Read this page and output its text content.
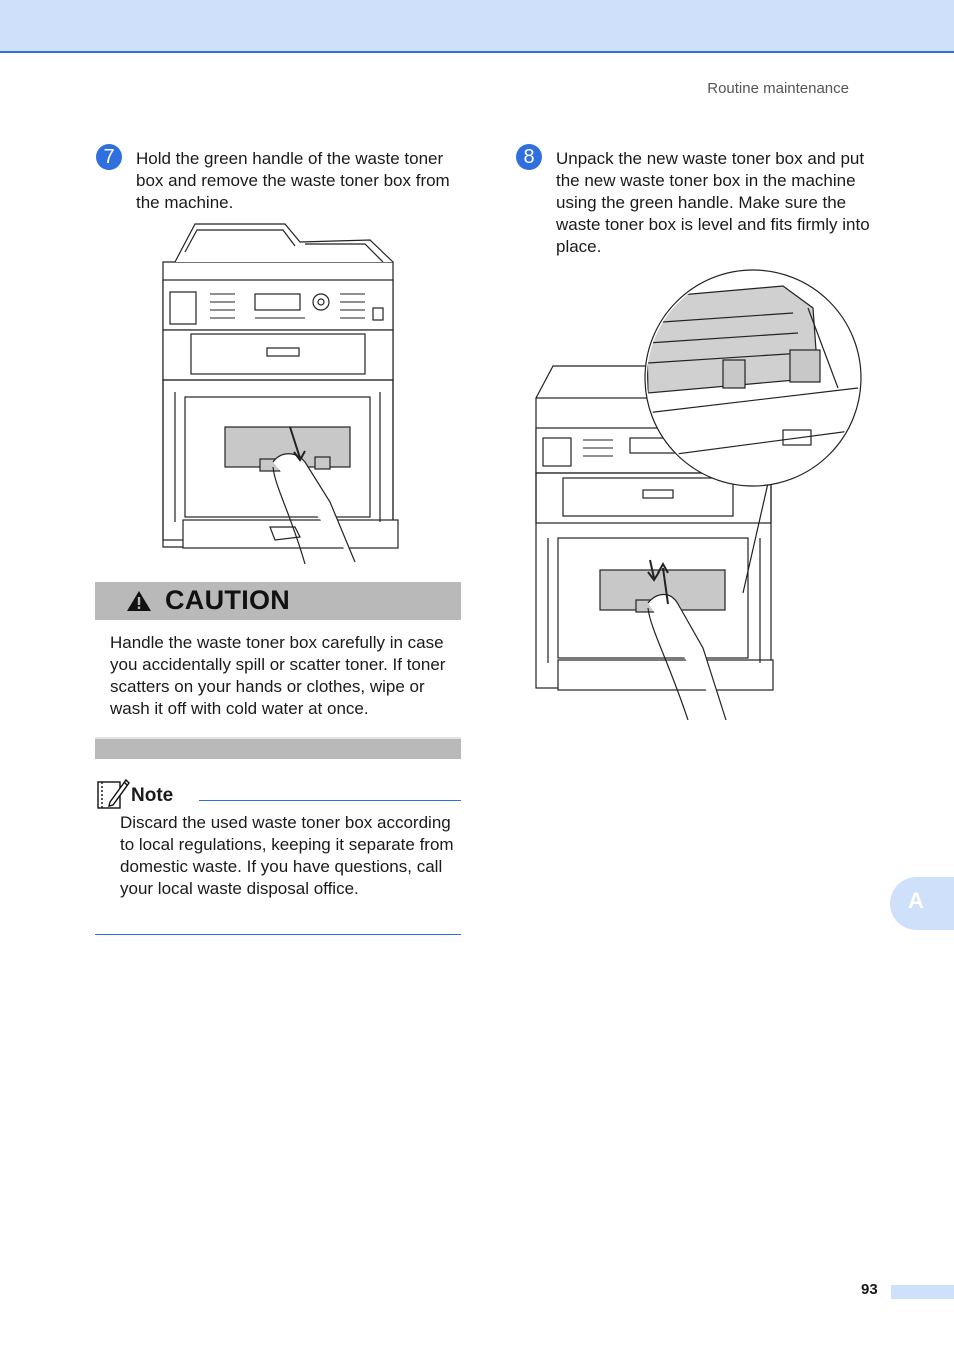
Routine maintenance
7	Hold the green handle of the waste toner box and remove the waste toner box from the machine.
CAUTION
Handle the waste toner box carefully in case you accidentally spill or scatter toner. If toner scatters on your hands or clothes, wipe or wash it off with cold water at once.
Note
Discard the used waste toner box according to local regulations, keeping it separate from domestic waste. If you have questions, call your local waste disposal office.
8	Unpack the new waste toner box and put the new waste toner box in the machine using the green handle. Make sure the waste toner box is level and fits firmly into place.
A
93
